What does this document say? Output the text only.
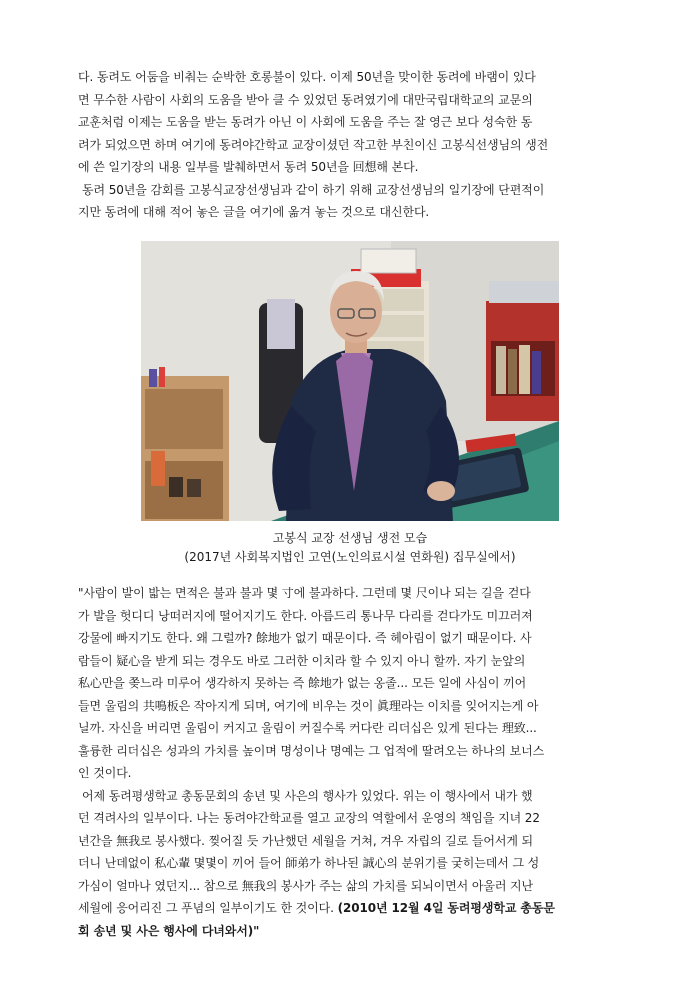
다. 동려도 어둠을 비춰는 순박한 호롱불이 있다. 이제 50년을 맞이한 동려에 바램이 있다
면 무수한 사람이 사회의 도움을 받아 클 수 있었던 동려였기에 대만국립대학교의 교문의
교훈처럼 이제는 도움을 받는 동려가 아닌 이 사회에 도움을 주는 잘 영근 보다 성숙한 동
려가 되었으면 하며 여기에 동려야간학교 교장이셨던 작고한 부친이신 고봉식선생님의 생전
에 쓴 일기장의 내용 일부를 발췌하면서 동려 50년을 回想해 본다.
동려 50년을 감회를 고봉식교장선생님과 같이 하기 위해 교장선생님의 일기장에 단편적이
지만 동려에 대해 적어 놓은 글을 여기에 옮겨 놓는 것으로 대신한다.

고봉식 교장 선생님 생전 모습

(2017년 사회복지법인 고연(노인의료시설 연화원) 집무실에서)

"사람이 발이 밟는 면적은 불과 불과 몇 寸에 불과하다. 그런데 몇 尺이나 되는 길을 걷다
가 발을 헛디디 낭떠러지에 떨어지기도 한다. 아름드리 통나무 다리를 걷다가도 미끄러져
강물에 빠지기도 한다. 왜 그럴까? 餘地가 없기 때문이다. 즉 헤아림이 없기 때문이다. 사
람들이 疑心을 받게 되는 경우도 바로 그러한 이치라 할 수 있지 아니 할까. 자기 눈앞의
私心만을 쫒느라 미루어 생각하지 못하는 즉 餘地가 없는 옹졸... 모든 일에 사심이 끼어
들면 울림의 共鳴板은 작아지게 되며, 여기에 비우는 것이 眞理라는 이치를 잊어지는게 아
닐까. 자신을 버리면 울림이 커지고 울림이 커질수록 커다란 리더십은 있게 된다는 理致...
훌륭한 리더십은 성과의 가치를 높이며 명성이나 명예는 그 업적에 딸려오는 하나의 보너스
인 것이다.
어제 동려평생학교 총동문회의 송년 및 사은의 행사가 있었다. 위는 이 행사에서 내가 했
던 격려사의 일부이다. 나는 동려야간학교를 열고 교장의 역할에서 운영의 책임을 지녀 22
년간을 無我로 봉사했다. 찢어질 듯 가난했던 세월을 거쳐, 겨우 자립의 길로 들어서게 되
더니 난데없이 私心輩 몇몇이 끼어 들어 師弟가 하나된 誠心의 분위기를 궂히는데서 그 성
가심이 얼마나 였던지... 참으로 無我의 봉사가 주는 삶의 가치를 되뇌이면서 아울러 지난
세월에 응어리진 그 푸념의 일부이기도 한 것이다. (2010년 12월 4일 동려평생학교 총동문
회 송년 및 사은 행사에 다녀와서)"
